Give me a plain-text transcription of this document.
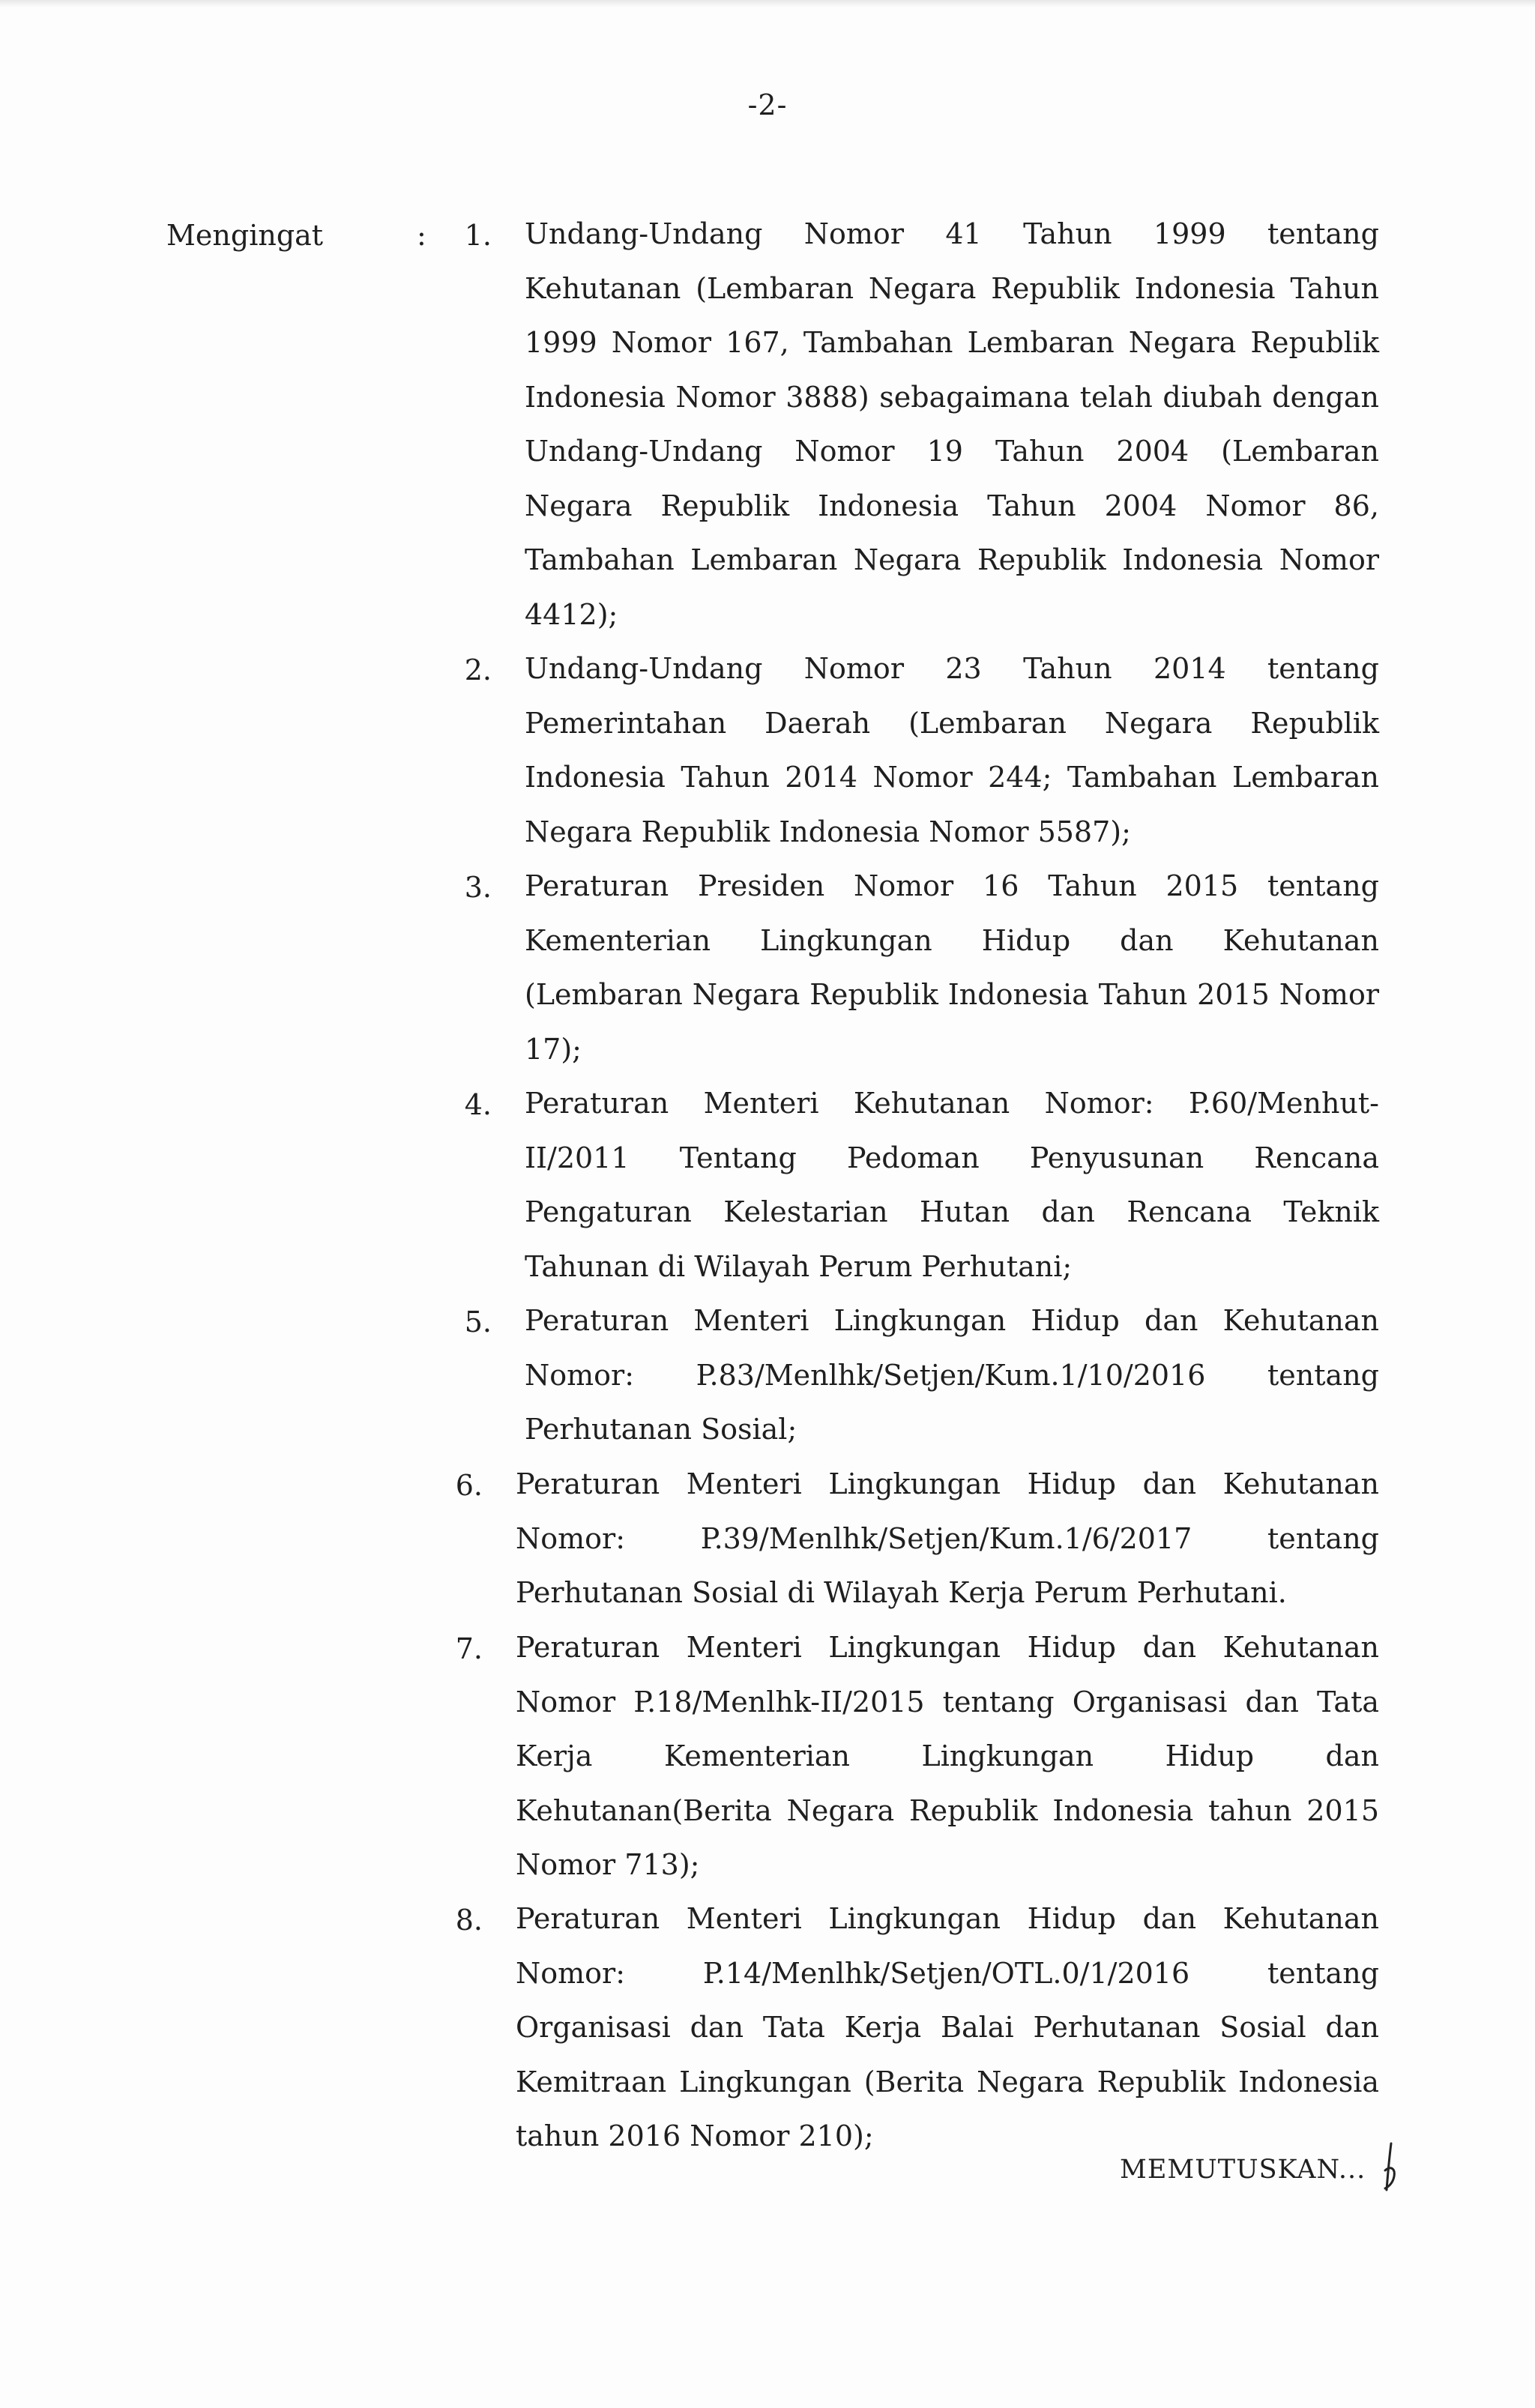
-2-
Mengingat	:	1. Undang-Undang Nomor 41 Tahun 1999 tentang Kehutanan (Lembaran Negara Republik Indonesia Tahun 1999 Nomor 167, Tambahan Lembaran Negara Republik Indonesia Nomor 3888) sebagaimana telah diubah dengan Undang-Undang Nomor 19 Tahun 2004 (Lembaran Negara Republik Indonesia Tahun 2004 Nomor 86, Tambahan Lembaran Negara Republik Indonesia Nomor 4412);
2. Undang-Undang Nomor 23 Tahun 2014 tentang Pemerintahan Daerah (Lembaran Negara Republik Indonesia Tahun 2014 Nomor 244; Tambahan Lembaran Negara Republik Indonesia Nomor 5587);
3. Peraturan Presiden Nomor 16 Tahun 2015 tentang Kementerian Lingkungan Hidup dan Kehutanan (Lembaran Negara Republik Indonesia Tahun 2015 Nomor 17);
4. Peraturan Menteri Kehutanan Nomor: P.60/Menhut-II/2011 Tentang Pedoman Penyusunan Rencana Pengaturan Kelestarian Hutan dan Rencana Teknik Tahunan di Wilayah Perum Perhutani;
5. Peraturan Menteri Lingkungan Hidup dan Kehutanan Nomor: P.83/Menlhk/Setjen/Kum.1/10/2016 tentang Perhutanan Sosial;
6. Peraturan Menteri Lingkungan Hidup dan Kehutanan Nomor: P.39/Menlhk/Setjen/Kum.1/6/2017 tentang Perhutanan Sosial di Wilayah Kerja Perum Perhutani.
7. Peraturan Menteri Lingkungan Hidup dan Kehutanan Nomor P.18/Menlhk-II/2015 tentang Organisasi dan Tata Kerja Kementerian Lingkungan Hidup dan Kehutanan(Berita Negara Republik Indonesia tahun 2015 Nomor 713);
8. Peraturan Menteri Lingkungan Hidup dan Kehutanan Nomor: P.14/Menlhk/Setjen/OTL.0/1/2016 tentang Organisasi dan Tata Kerja Balai Perhutanan Sosial dan Kemitraan Lingkungan (Berita Negara Republik Indonesia tahun 2016 Nomor 210);
MEMUTUSKAN...
